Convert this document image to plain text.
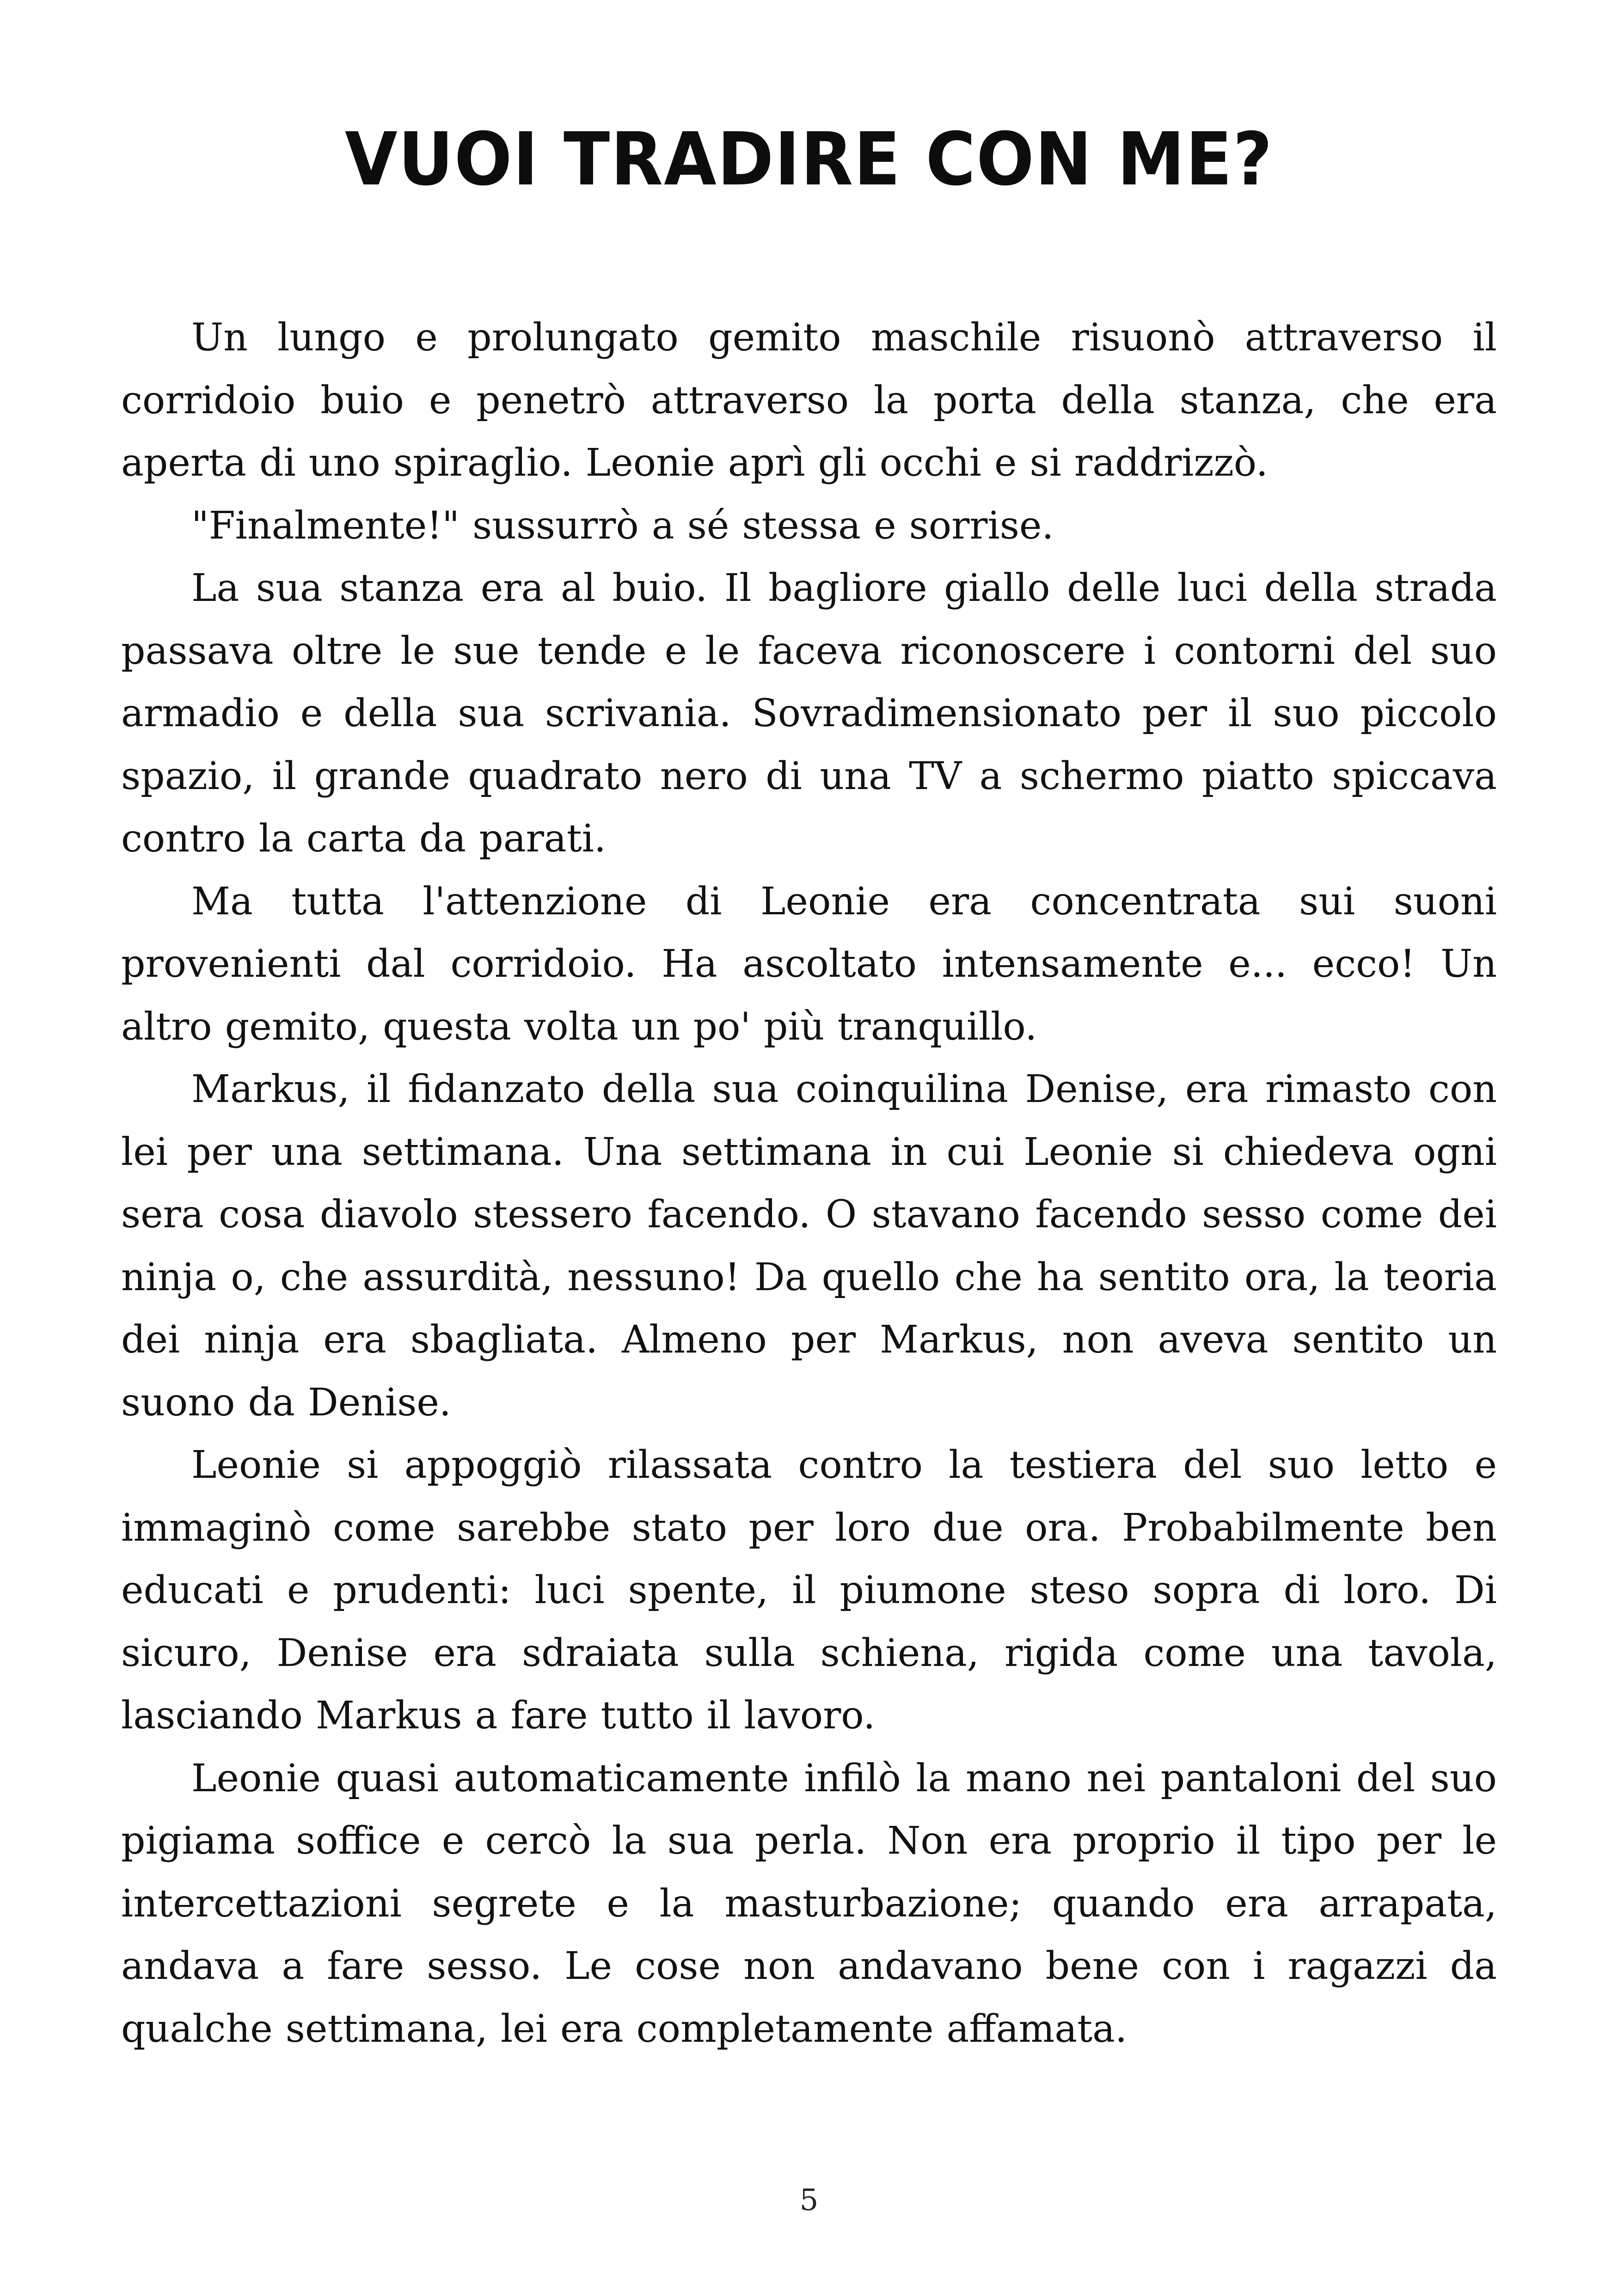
VUOI TRADIRE CON ME?

Un lungo e prolungato gemito maschile risuonò attraverso il corridoio buio e penetrò attraverso la porta della stanza, che era aperta di uno spiraglio. Leonie aprì gli occhi e si raddrizzò.

"Finalmente!" sussurrò a sé stessa e sorrise.

La sua stanza era al buio. Il bagliore giallo delle luci della strada passava oltre le sue tende e le faceva riconoscere i contorni del suo armadio e della sua scrivania. Sovradimensionato per il suo piccolo spazio, il grande quadrato nero di una TV a schermo piatto spiccava contro la carta da parati.

Ma tutta l'attenzione di Leonie era concentrata sui suoni provenienti dal corridoio. Ha ascoltato intensamente e... ecco! Un altro gemito, questa volta un po' più tranquillo.

Markus, il fidanzato della sua coinquilina Denise, era rimasto con lei per una settimana. Una settimana in cui Leonie si chiedeva ogni sera cosa diavolo stessero facendo. O stavano facendo sesso come dei ninja o, che assurdità, nessuno! Da quello che ha sentito ora, la teoria dei ninja era sbagliata. Almeno per Markus, non aveva sentito un suono da Denise.

Leonie si appoggiò rilassata contro la testiera del suo letto e immaginò come sarebbe stato per loro due ora. Probabilmente ben educati e prudenti: luci spente, il piumone steso sopra di loro. Di sicuro, Denise era sdraiata sulla schiena, rigida come una tavola, lasciando Markus a fare tutto il lavoro.

Leonie quasi automaticamente infilò la mano nei pantaloni del suo pigiama soffice e cercò la sua perla. Non era proprio il tipo per le intercettazioni segrete e la masturbazione; quando era arrapata, andava a fare sesso. Le cose non andavano bene con i ragazzi da qualche settimana, lei era completamente affamata.

5
